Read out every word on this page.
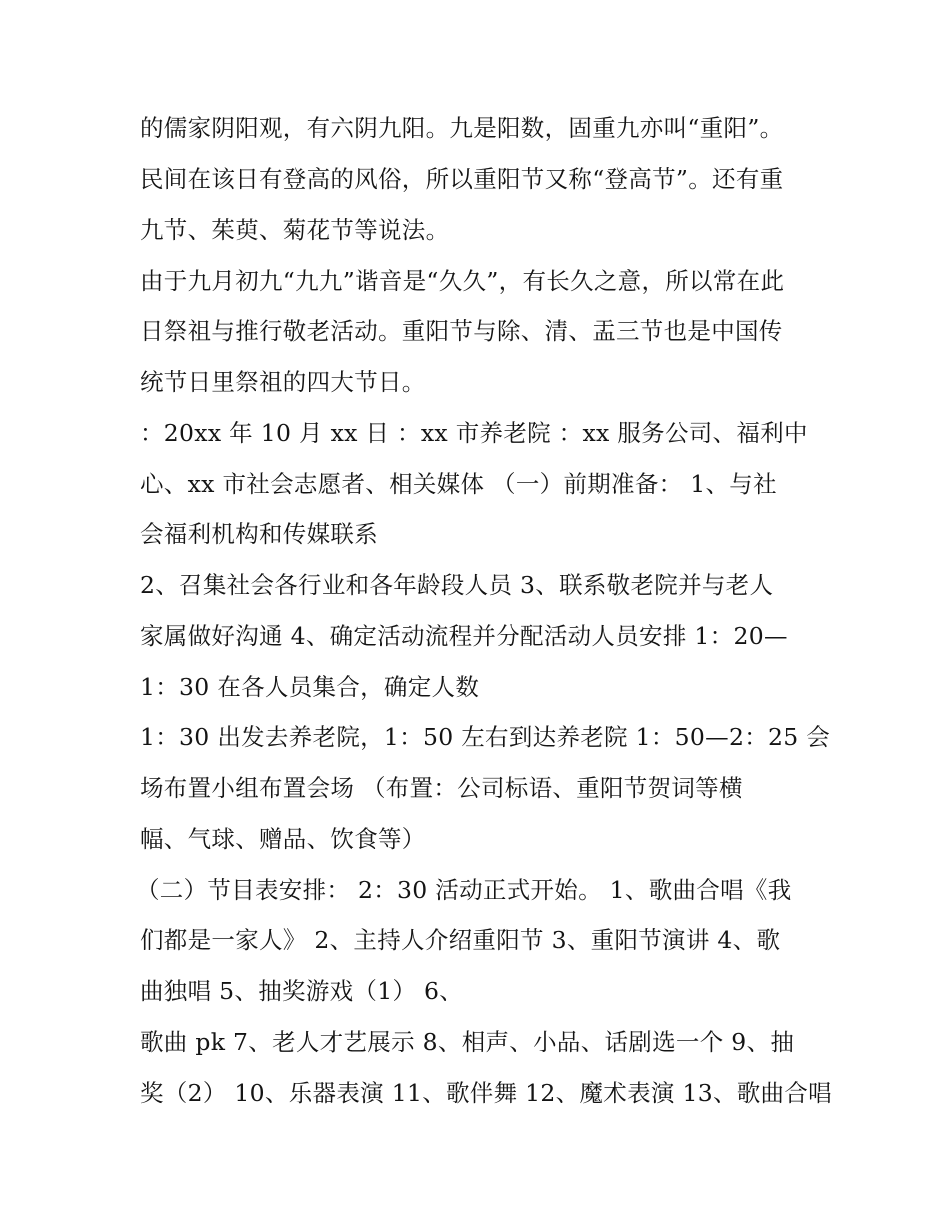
的儒家阴阳观，有六阴九阳。九是阳数，固重九亦叫“重阳”。
民间在该日有登高的风俗，所以重阳节又称“登高节”。还有重
九节、茱萸、菊花节等说法。
由于九月初九“九九”谐音是“久久”，有长久之意，所以常在此
日祭祖与推行敬老活动。重阳节与除、清、盂三节也是中国传
统节日里祭祖的四大节日。
：20xx 年 10 月 xx 日 ：xx 市养老院 ：xx 服务公司、福利中
心、xx 市社会志愿者、相关媒体 （一）前期准备： 1、与社
会福利机构和传媒联系
2、召集社会各行业和各年龄段人员 3、联系敬老院并与老人
家属做好沟通 4、确定活动流程并分配活动人员安排 1：20—
1：30 在各人员集合，确定人数
1：30 出发去养老院，1：50 左右到达养老院 1：50—2：25 会
场布置小组布置会场 （布置：公司标语、重阳节贺词等横
幅、气球、赠品、饮食等）
（二）节目表安排： 2：30 活动正式开始。 1、歌曲合唱《我
们都是一家人》 2、主持人介绍重阳节 3、重阳节演讲 4、歌
曲独唱 5、抽奖游戏（1） 6、
歌曲 pk 7、老人才艺展示 8、相声、小品、话剧选一个 9、抽
奖（2） 10、乐器表演 11、歌伴舞 12、魔术表演 13、歌曲合唱
